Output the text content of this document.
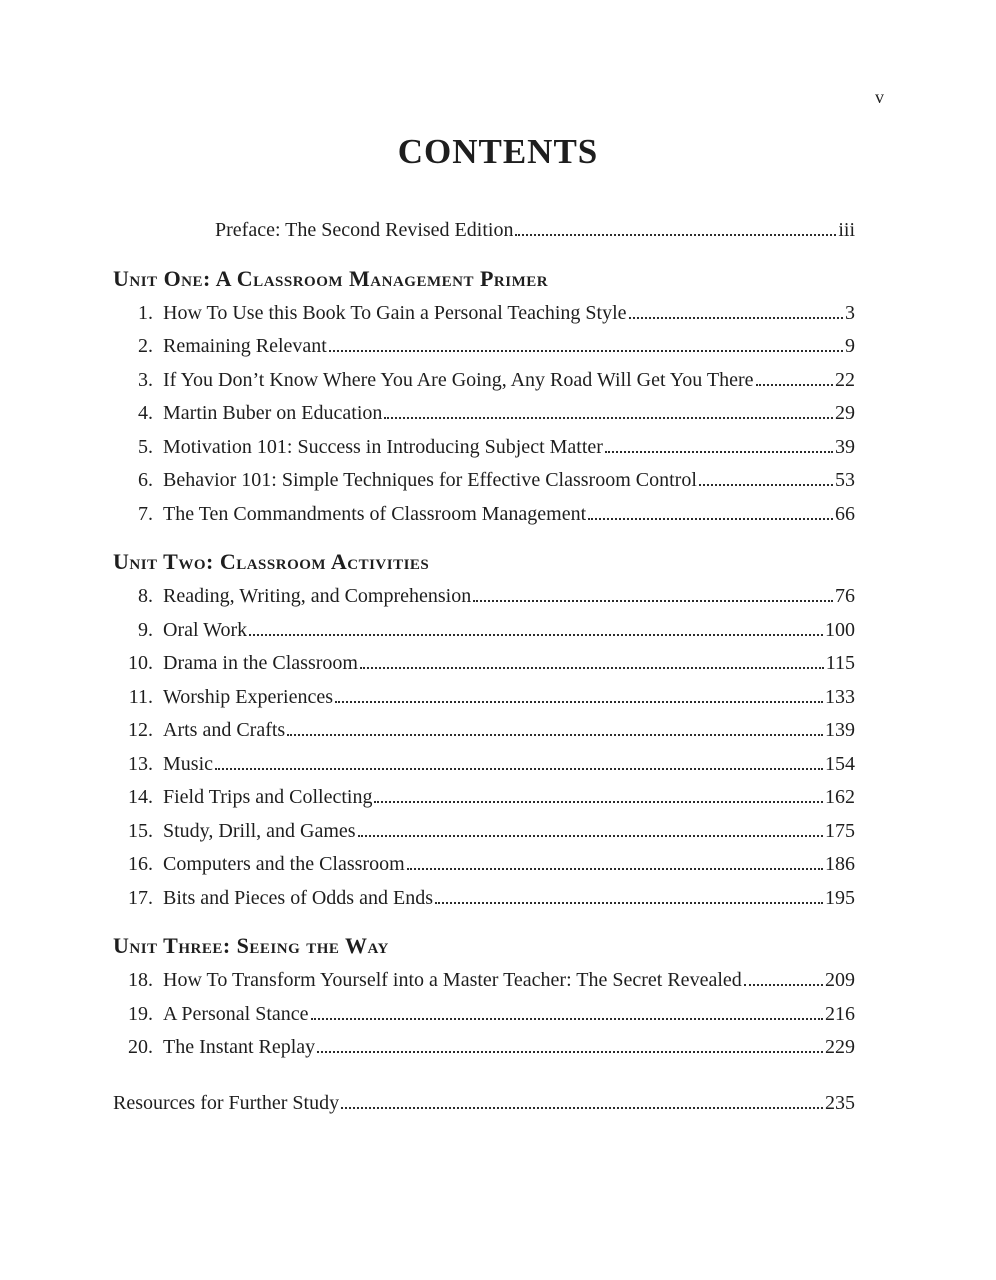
v
CONTENTS
Preface: The Second Revised Edition	iii
Unit One: A Classroom Management Primer
1. How To Use this Book To Gain a Personal Teaching Style	3
2. Remaining Relevant	9
3. If You Don’t Know Where You Are Going, Any Road Will Get You There	22
4. Martin Buber on Education	29
5. Motivation 101: Success in Introducing Subject Matter	39
6. Behavior 101: Simple Techniques for Effective Classroom Control	53
7. The Ten Commandments of Classroom Management	66
Unit Two: Classroom Activities
8. Reading, Writing, and Comprehension	76
9. Oral Work	100
10. Drama in the Classroom	115
11. Worship Experiences	133
12. Arts and Crafts	139
13. Music	154
14. Field Trips and Collecting	162
15. Study, Drill, and Games	175
16. Computers and the Classroom	186
17. Bits and Pieces of Odds and Ends	195
Unit Three: Seeing the Way
18. How To Transform Yourself into a Master Teacher: The Secret Revealed	209
19. A Personal Stance	216
20. The Instant Replay	229
Resources for Further Study	235
